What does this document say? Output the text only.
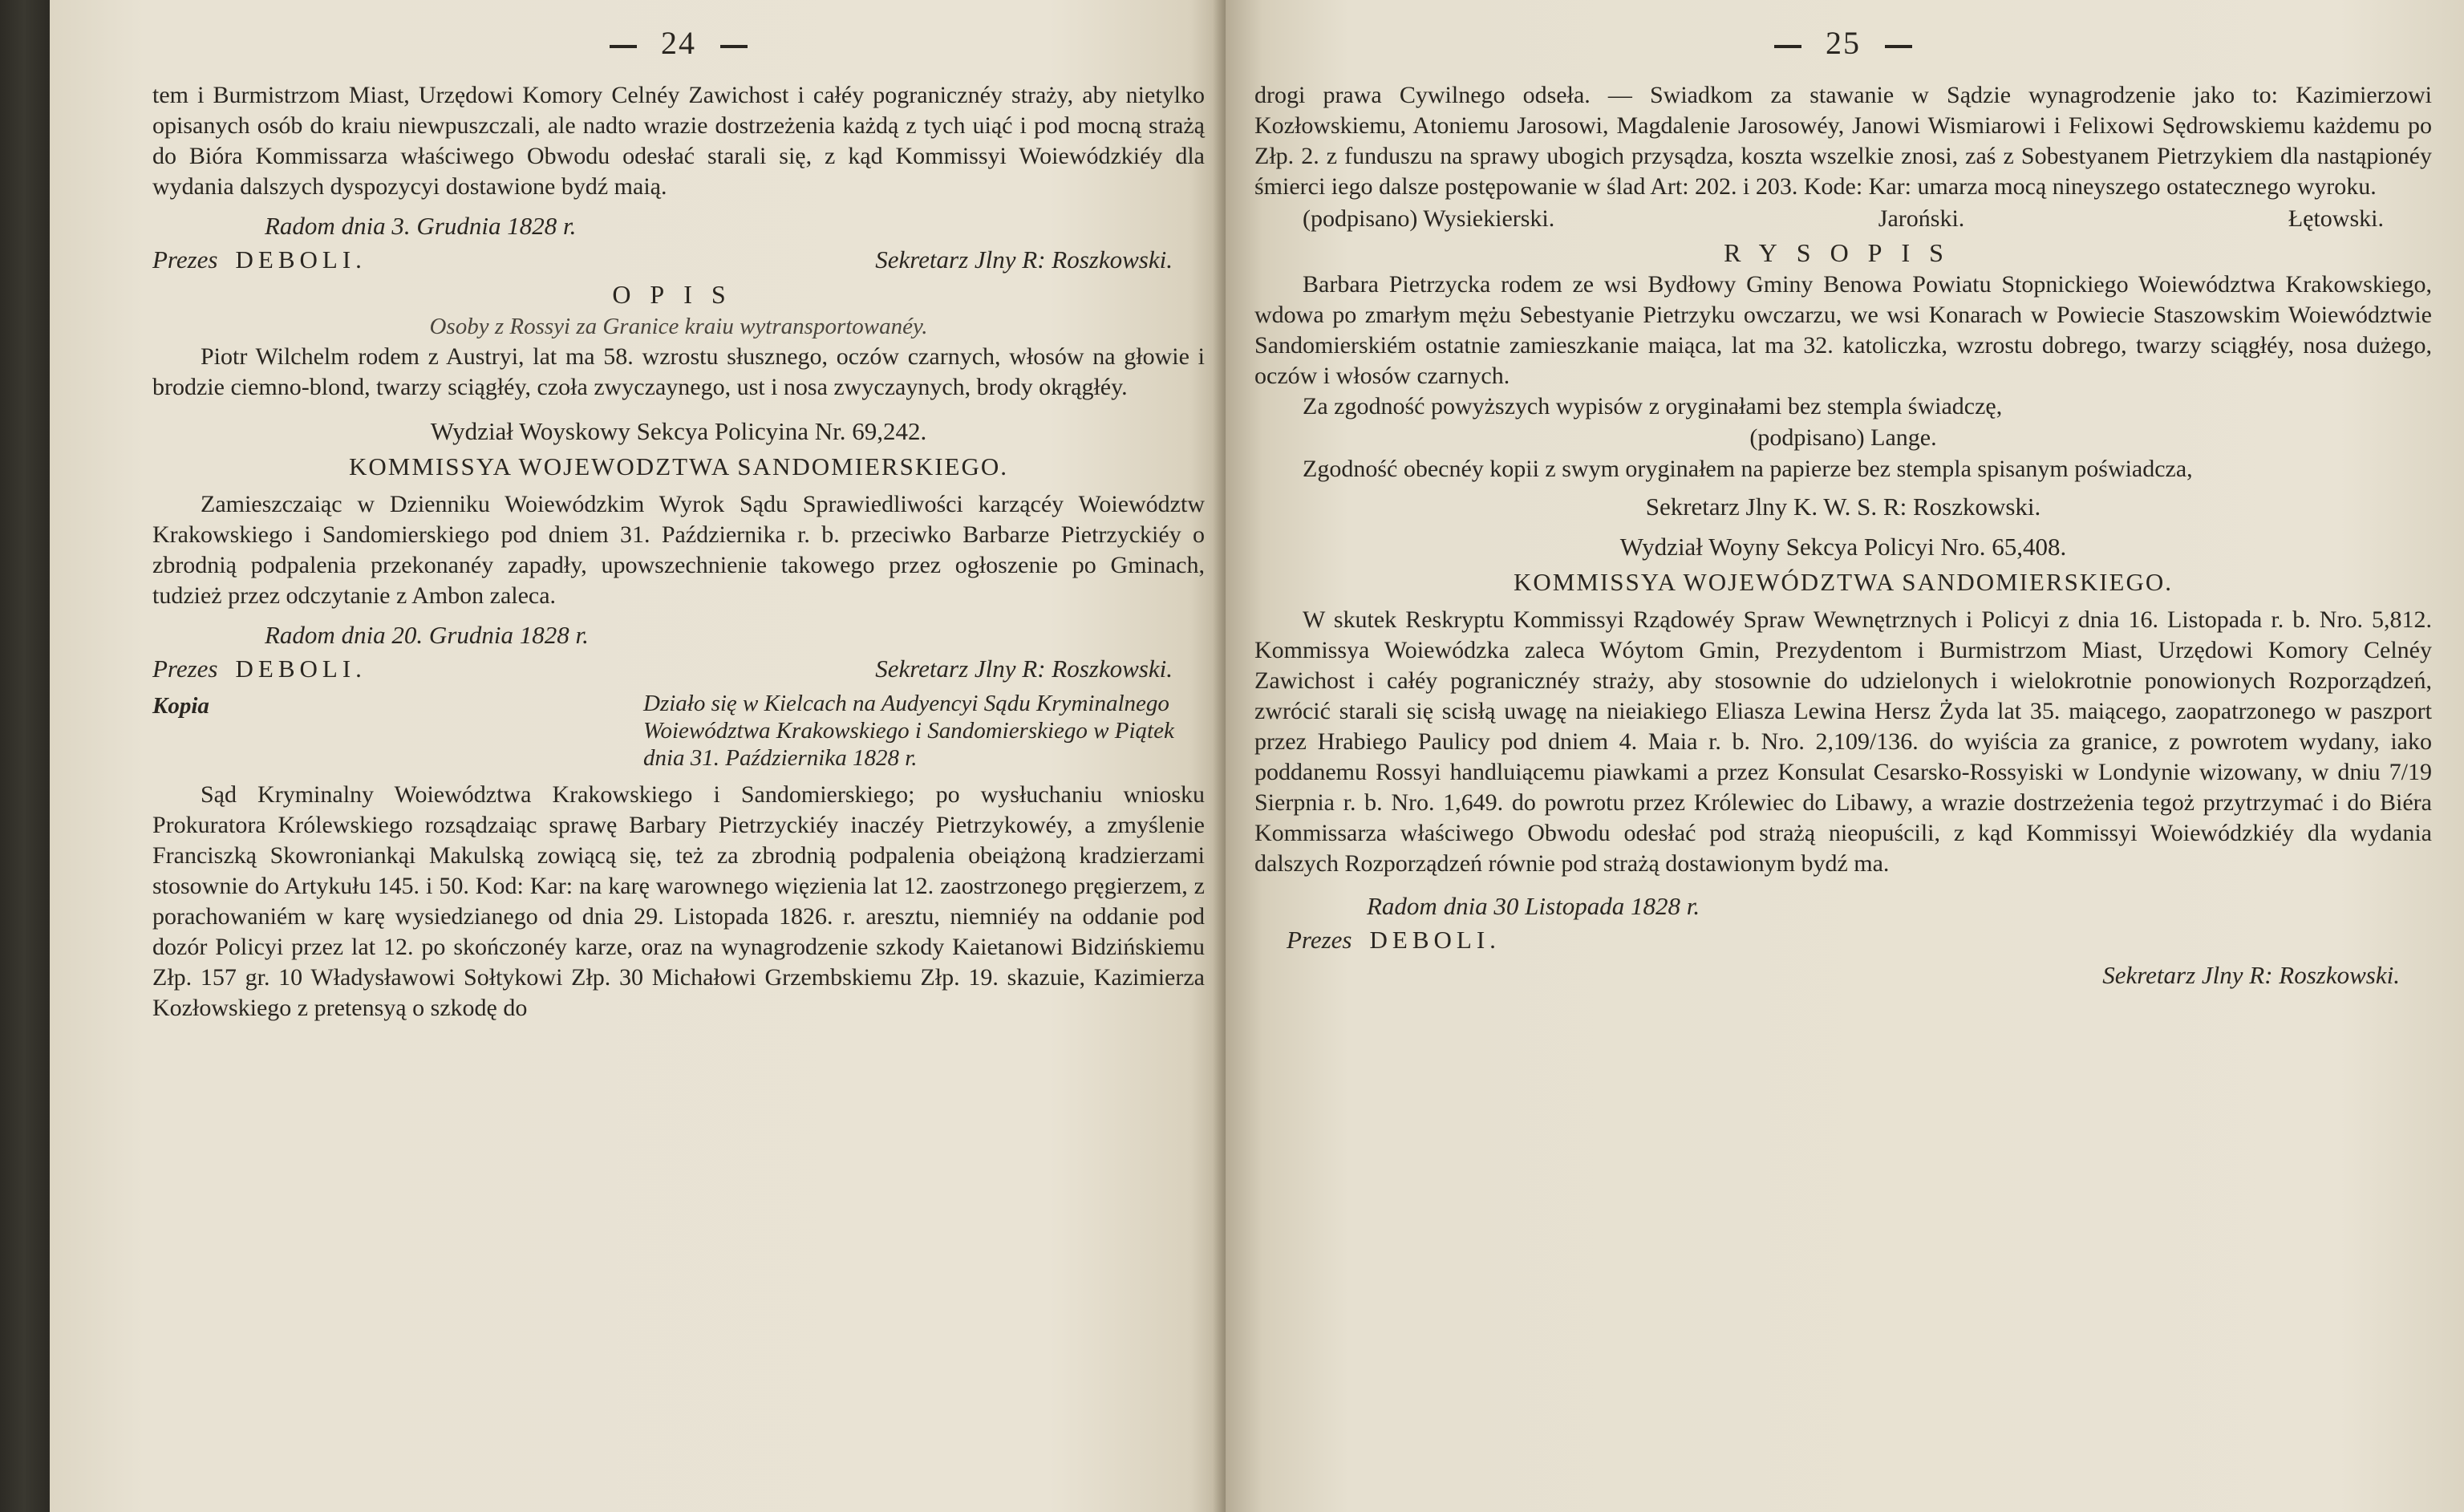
24

tem i Burmistrzom Miast, Urzędowi Komory Celnéy Zawichost i całéy pogranicznéy straży, aby nietylko opisanych osób do kraiu niewpuszczali, ale nadto wrazie dostrzeżenia każdą z tych uiąć i pod mocną strażą do Bióra Kommissarza właściwego Obwodu odesłać starali się, z kąd Kommissyi Woiewódzkiéy dla wydania dalszych dyspozycyi dostawione bydź maią.

Radom dnia 3. Grudnia 1828 r.

Prezes DEBOLI.	Sekretarz Jlny R: Roszkowski.

OPIS

Osoby z Rossyi za Granice kraiu wytransportowanéy.

Piotr Wilchelm rodem z Austryi, lat ma 58. wzrostu słusznego, oczów czarnych, włosów na głowie i brodzie ciemno-blond, twarzy sciągłéy, czoła zwyczaynego, ust i nosa zwyczaynych, brody okrągłéy.

Wydział Woyskowy Sekcya Policyina Nr. 69,242.

KOMMISSYA WOJEWODZTWA SANDOMIERSKIEGO.

Zamieszczaiąc w Dzienniku Woiewódzkim Wyrok Sądu Sprawiedliwości karzącéy Woiewództw Krakowskiego i Sandomierskiego pod dniem 31. Października r. b. przeciwko Barbarze Pietrzyckiéy o zbrodnią podpalenia przekonanéy zapadły, upowszechnienie takowego przez ogłoszenie po Gminach, tudzież przez odczytanie z Ambon zaleca.

Radom dnia 20. Grudnia 1828 r.

Prezes DEBOLI.	Sekretarz Jlny R: Roszkowski.
Kopia	Działo się w Kielcach na Audyencyi Sądu Kryminalnego Woiewództwa Krakowskiego i Sandomierskiego w Piątek dnia 31. Października 1828 r.

Sąd Kryminalny Woiewództwa Krakowskiego i Sandomierskiego; po wysłuchaniu wniosku Prokuratora Królewskiego rozsądzaiąc sprawę Barbary Pietrzyckiéy inaczéy Pietrzykowéy, a zmyślenie Franciszką Skowroniankąi Makulską zowiącą się, też za zbrodnią podpalenia obeiążoną kradzierzami stosownie do Artykułu 145. i 50. Kod: Kar: na karę warownego więzienia lat 12. zaostrzonego pręgierzem, z porachowaniém w karę wysiedzianego od dnia 29. Listopada 1826. r. aresztu, niemniéy na oddanie pod dozór Policyi przez lat 12. po skończonéy karze, oraz na wynagrodzenie szkody Kaietanowi Bidzińskiemu Złp. 157 gr. 10 Władysławowi Sołtykowi Złp. 30 Michałowi Grzembskiemu Złp. 19. skazuie, Kazimierza Kozłowskiego z pretensyą o szkodę do

25

drogi prawa Cywilnego odseła. — Swiadkom za stawanie w Sądzie wynagrodzenie jako to: Kazimierzowi Kozłowskiemu, Atoniemu Jarosowi, Magdalenie Jarosowéy, Janowi Wismiarowi i Felixowi Sędrowskiemu każdemu po Złp. 2. z funduszu na sprawy ubogich przysądza, koszta wszelkie znosi, zaś z Sobestyanem Pietrzykiem dla nastąpionéy śmierci iego dalsze postępowanie w ślad Art: 202. i 203. Kode: Kar: umarza mocą nineyszego ostatecznego wyroku.

(podpisano) Wysiekierski.	Jaroński.	Łętowski.

RYSOPIS

Barbara Pietrzycka rodem ze wsi Bydłowy Gminy Benowa Powiatu Stopnickiego Woiewództwa Krakowskiego, wdowa po zmarłym mężu Sebestyanie Pietrzyku owczarzu, we wsi Konarach w Powiecie Staszowskim Woiewództwie Sandomierskiém ostatnie zamieszkanie maiąca, lat ma 32. katoliczka, wzrostu dobrego, twarzy sciągłéy, nosa dużego, oczów i włosów czarnych.

Za zgodność powyższych wypisów z oryginałami bez stempla świadczę,

(podpisano) Lange.

Zgodność obecnéy kopii z swym oryginałem na papierze bez stempla spisanym poświadcza,

Sekretarz Jlny K. W. S. R: Roszkowski.

Wydział Woyny Sekcya Policyi Nro. 65,408.

KOMMISSYA WOJEWÓDZTWA SANDOMIERSKIEGO.

W skutek Reskryptu Kommissyi Rządowéy Spraw Wewnętrznych i Policyi z dnia 16. Listopada r. b. Nro. 5,812. Kommissya Woiewódzka zaleca Wóytom Gmin, Prezydentom i Burmistrzom Miast, Urzędowi Komory Celnéy Zawichost i całéy pogranicznéy straży, aby stosownie do udzielonych i wielokrotnie ponowionych Rozporządzeń, zwrócić starali się scisłą uwagę na nieiakiego Eliasza Lewina Hersz Żyda lat 35. maiącego, zaopatrzonego w paszport przez Hrabiego Paulicy pod dniem 4. Maia r. b. Nro. 2,109/136. do wyiścia za granice, z powrotem wydany, iako poddanemu Rossyi handluiącemu piawkami a przez Konsulat Cesarsko-Rossyiski w Londynie wizowany, w dniu 7/19 Sierpnia r. b. Nro. 1,649. do powrotu przez Królewiec do Libawy, a wrazie dostrzeżenia tegoż przytrzymać i do Biéra Kommissarza właściwego Obwodu odesłać pod strażą nieopuścili, z kąd Kommissyi Woiewódzkiéy dla wydania dalszych Rozporządzeń równie pod strażą dostawionym bydź ma.

Radom dnia 30 Listopada 1828 r.

Prezes DEBOLI.
Sekretarz Jlny R: Roszkowski.
